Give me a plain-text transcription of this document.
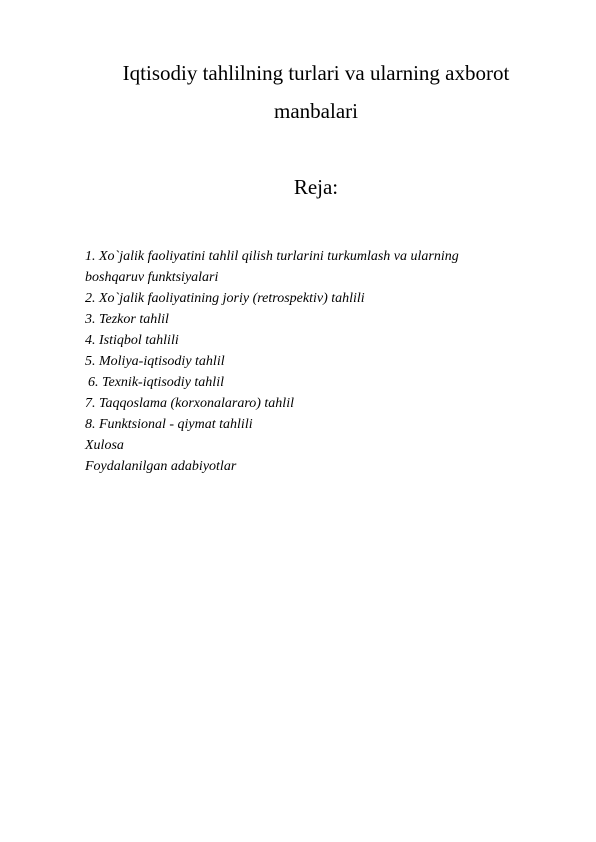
Iqtisodiy tahlilning turlari va ularning axborot
manbalari
Reja:
1. Xo`jalik faoliyatini tahlil qilish turlarini turkumlash va ularning
boshqaruv funktsiyalari
2. Xo`jalik faoliyatining joriy (retrospektiv) tahlili
3. Tezkor tahlil
4. Istiqbol tahlili
5. Moliya-iqtisodiy tahlil
6. Texnik-iqtisodiy tahlil
7. Taqqoslama (korxonalararo) tahlil
8. Funktsional - qiymat tahlili
Xulosa
Foydalanilgan adabiyotlar
